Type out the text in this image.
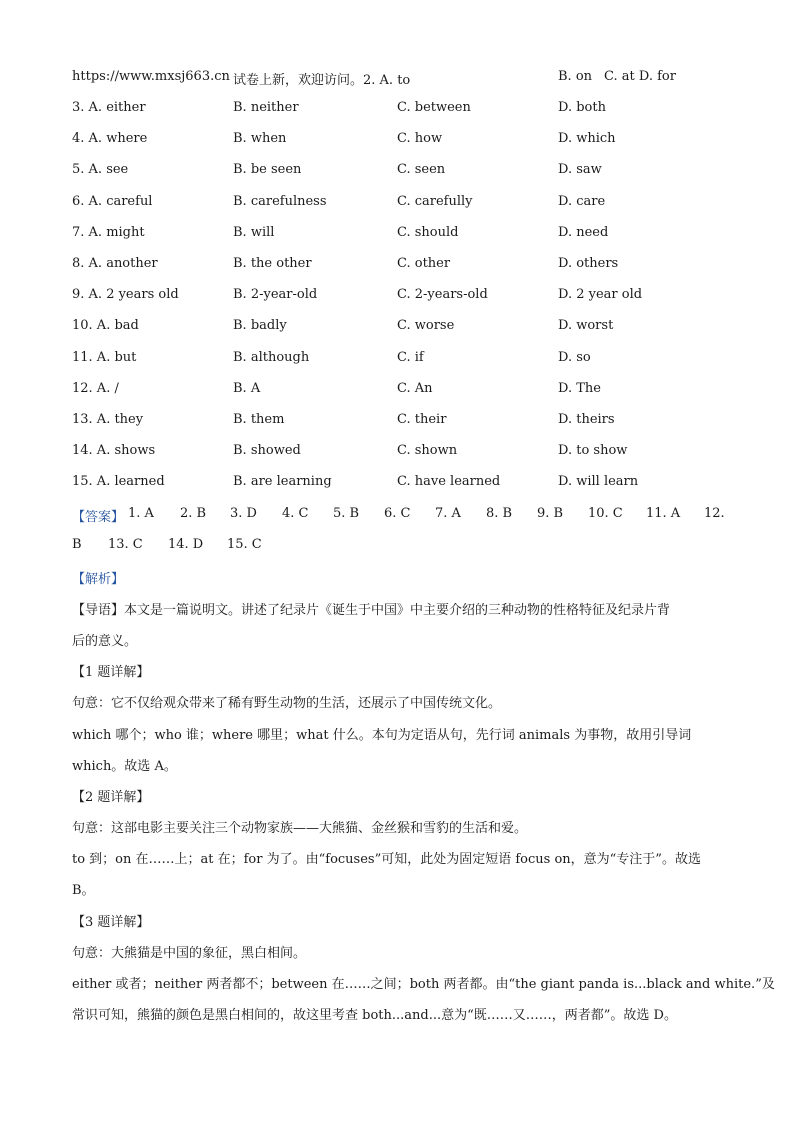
https://www.mxsj663.cn 试卷上新，欢迎访问。2. A. to	B. on C. at D. for
3. A. either	B. neither	C. between	D. both
4. A. where	B. when	C. how	D. which
5. A. see	B. be seen	C. seen	D. saw
6. A. careful	B. carefulness	C. carefully	D. care
7. A. might	B. will	C. should	D. need
8. A. another	B. the other	C. other	D. others
9. A. 2 years old	B. 2-year-old	C. 2-years-old	D. 2 year old
10. A. bad	B. badly	C. worse	D. worst
11. A. but	B. although	C. if	D. so
12. A. /	B. A	C. An	D. The
13. A. they	B. them	C. their	D. theirs
14. A. shows	B. showed	C. shown	D. to show
15. A. learned	B. are learning	C. have learned	D. will learn
【答案】 1. A 2. B 3. D 4. C 5. B 6. C 7. A 8. B 9. B 10. C 11. A 12.
B 13. C 14. D 15. C
【解析】
【导语】本文是一篇说明文。讲述了纪录片《诞生于中国》中主要介绍的三种动物的性格特征及纪录片背
后的意义。
【1 题详解】
句意：它不仅给观众带来了稀有野生动物的生活，还展示了中国传统文化。
which 哪个；who 谁；where 哪里；what 什么。本句为定语从句，先行词 animals 为事物，故用引导词
which。故选 A。
【2 题详解】
句意：这部电影主要关注三个动物家族——大熊猫、金丝猴和雪豹的生活和爱。
to 到；on 在……上；at 在；for 为了。由“focuses”可知，此处为固定短语 focus on，意为“专注于”。故选
B。
【3 题详解】
句意：大熊猫是中国的象征，黑白相间。
either 或者；neither 两者都不；between 在……之间；both 两者都。由“the giant panda is...black and white.”及
常识可知，熊猫的颜色是黑白相间的，故这里考查 both...and...意为“既……又……，两者都”。故选 D。
